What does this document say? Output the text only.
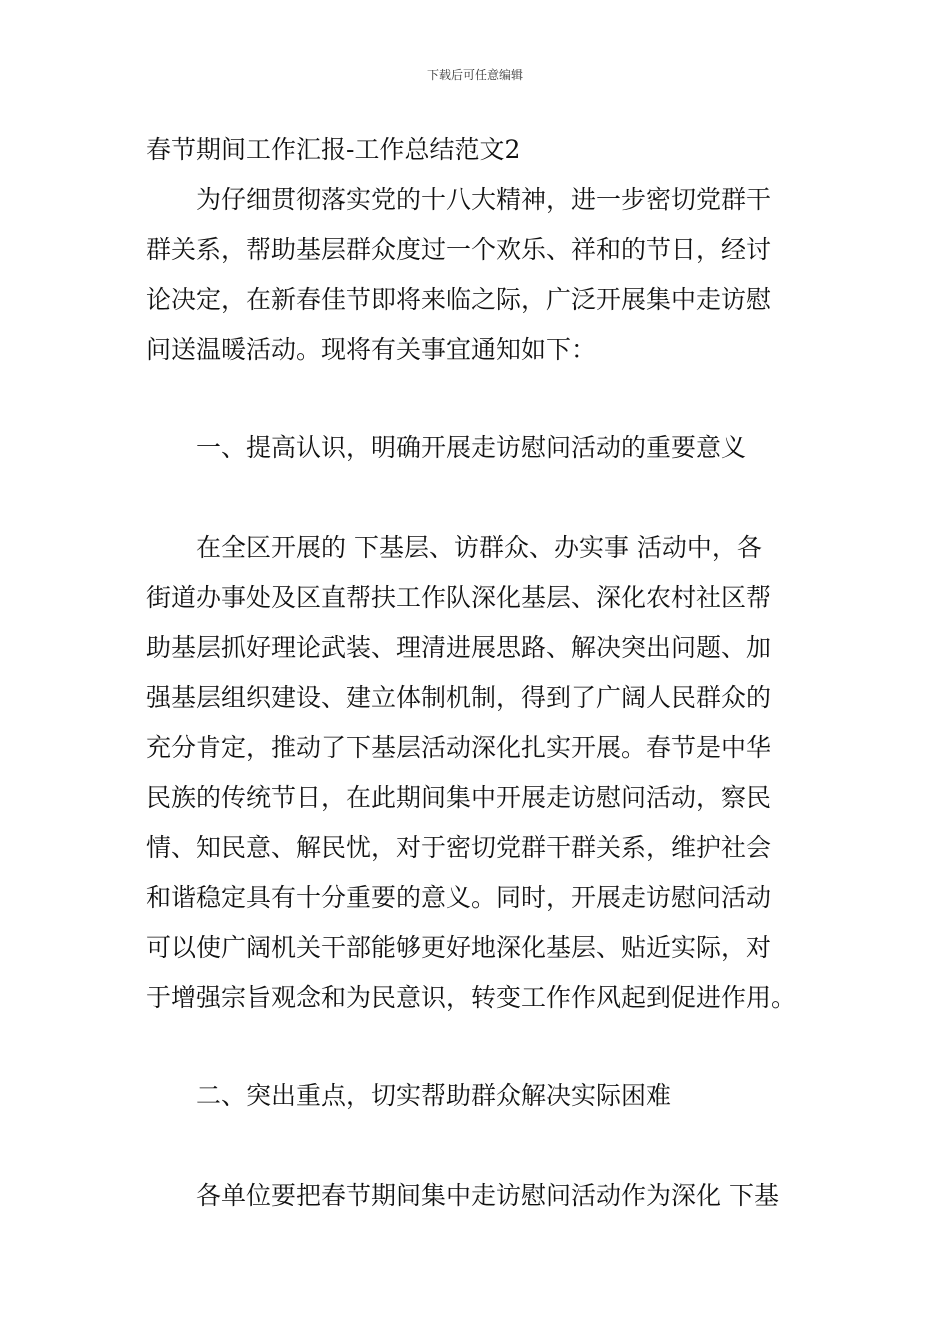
下载后可任意编辑
春节期间工作汇报-工作总结范文2
为仔细贯彻落实党的十八大精神，进一步密切党群干
群关系，帮助基层群众度过一个欢乐、祥和的节日，经讨
论决定，在新春佳节即将来临之际，广泛开展集中走访慰
问送温暖活动。现将有关事宜通知如下：
一、提高认识，明确开展走访慰问活动的重要意义
在全区开展的 下基层、访群众、办实事 活动中，各
街道办事处及区直帮扶工作队深化基层、深化农村社区帮
助基层抓好理论武装、理清进展思路、解决突出问题、加
强基层组织建设、建立体制机制，得到了广阔人民群众的
充分肯定，推动了下基层活动深化扎实开展。春节是中华
民族的传统节日，在此期间集中开展走访慰问活动，察民
情、知民意、解民忧，对于密切党群干群关系，维护社会
和谐稳定具有十分重要的意义。同时，开展走访慰问活动
可以使广阔机关干部能够更好地深化基层、贴近实际，对
于增强宗旨观念和为民意识，转变工作作风起到促进作用。
二、突出重点，切实帮助群众解决实际困难
各单位要把春节期间集中走访慰问活动作为深化 下基
